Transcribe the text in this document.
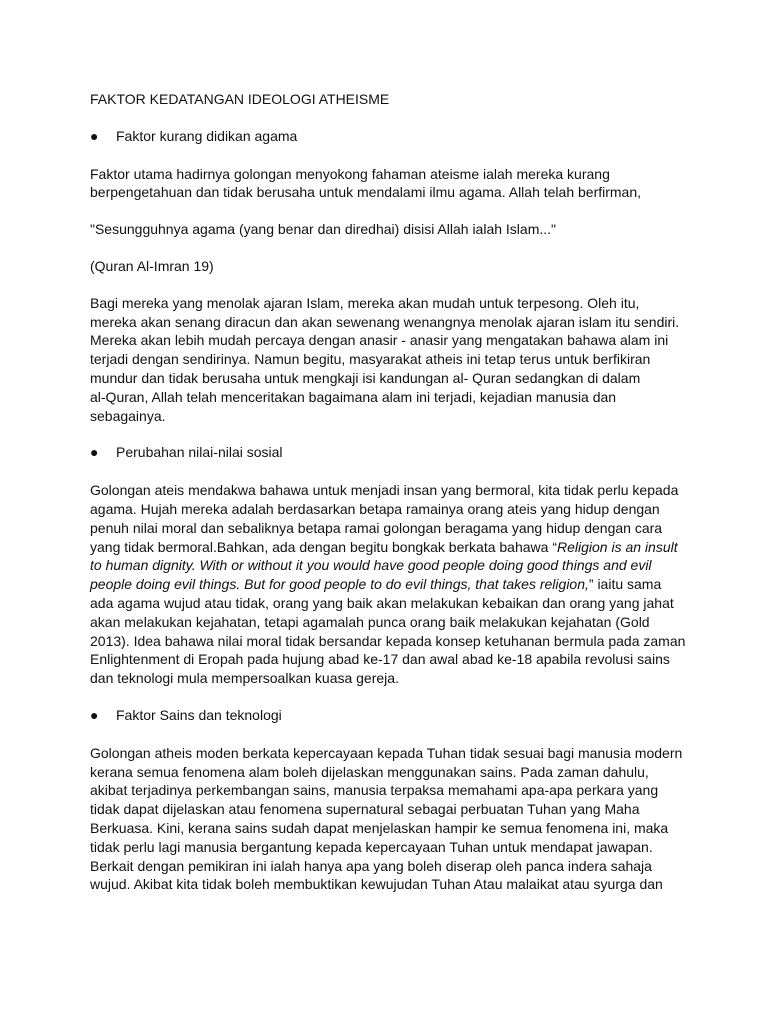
FAKTOR KEDATANGAN IDEOLOGI ATHEISME
● Faktor kurang didikan agama
Faktor utama hadirnya golongan menyokong fahaman ateisme ialah mereka kurang
berpengetahuan dan tidak berusaha untuk mendalami ilmu agama. Allah telah berfirman,
"Sesungguhnya agama (yang benar dan diredhai) disisi Allah ialah Islam..."
(Quran Al-Imran 19)
Bagi mereka yang menolak ajaran Islam, mereka akan mudah untuk terpesong. Oleh itu,
mereka akan senang diracun dan akan sewenang wenangnya menolak ajaran islam itu sendiri.
Mereka akan lebih mudah percaya dengan anasir - anasir yang mengatakan bahawa alam ini
terjadi dengan sendirinya. Namun begitu, masyarakat atheis ini tetap terus untuk berfikiran
mundur dan tidak berusaha untuk mengkaji isi kandungan al- Quran sedangkan di dalam
al-Quran, Allah telah menceritakan bagaimana alam ini terjadi, kejadian manusia dan
sebagainya.
● Perubahan nilai-nilai sosial
Golongan ateis mendakwa bahawa untuk menjadi insan yang bermoral, kita tidak perlu kepada
agama. Hujah mereka adalah berdasarkan betapa ramainya orang ateis yang hidup dengan
penuh nilai moral dan sebaliknya betapa ramai golongan beragama yang hidup dengan cara
yang tidak bermoral.Bahkan, ada dengan begitu bongkak berkata bahawa “Religion is an insult
to human dignity. With or without it you would have good people doing good things and evil
people doing evil things. But for good people to do evil things, that takes religion,” iaitu sama
ada agama wujud atau tidak, orang yang baik akan melakukan kebaikan dan orang yang jahat
akan melakukan kejahatan, tetapi agamalah punca orang baik melakukan kejahatan (Gold
2013). Idea bahawa nilai moral tidak bersandar kepada konsep ketuhanan bermula pada zaman
Enlightenment di Eropah pada hujung abad ke-17 dan awal abad ke-18 apabila revolusi sains
dan teknologi mula mempersoalkan kuasa gereja.
● Faktor Sains dan teknologi
Golongan atheis moden berkata kepercayaan kepada Tuhan tidak sesuai bagi manusia modern
kerana semua fenomena alam boleh dijelaskan menggunakan sains. Pada zaman dahulu,
akibat terjadinya perkembangan sains, manusia terpaksa memahami apa-apa perkara yang
tidak dapat dijelaskan atau fenomena supernatural sebagai perbuatan Tuhan yang Maha
Berkuasa. Kini, kerana sains sudah dapat menjelaskan hampir ke semua fenomena ini, maka
tidak perlu lagi manusia bergantung kepada kepercayaan Tuhan untuk mendapat jawapan.
Berkait dengan pemikiran ini ialah hanya apa yang boleh diserap oleh panca indera sahaja
wujud. Akibat kita tidak boleh membuktikan kewujudan Tuhan Atau malaikat atau syurga dan
